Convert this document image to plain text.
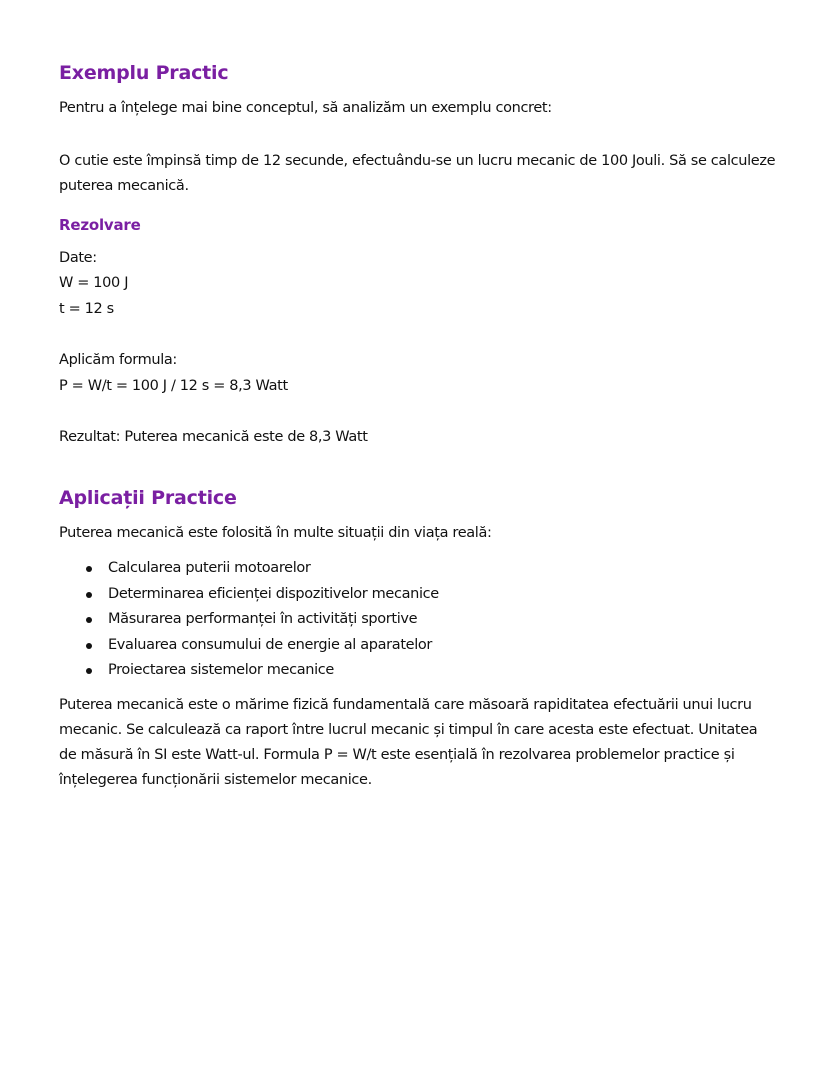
Exemplu Practic

Pentru a înțelege mai bine conceptul, să analizăm un exemplu concret:

O cutie este împinsă timp de 12 secunde, efectuându-se un lucru mecanic de 100 Jouli. Să se calculeze puterea mecanică.

Rezolvare

Date:

W = 100 J

t = 12 s

Aplicăm formula:

P = W/t = 100 J / 12 s = 8,3 Watt

Rezultat: Puterea mecanică este de 8,3 Watt

Aplicații Practice

Puterea mecanică este folosită în multe situații din viața reală:

Calcularea puterii motoarelor
Determinarea eficienței dispozitivelor mecanice
Măsurarea performanței în activități sportive
Evaluarea consumului de energie al aparatelor
Proiectarea sistemelor mecanice

Puterea mecanică este o mărime fizică fundamentală care măsoară rapiditatea efectuării unui lucru mecanic. Se calculează ca raport între lucrul mecanic și timpul în care acesta este efectuat. Unitatea de măsură în SI este Watt-ul. Formula P = W/t este esențială în rezolvarea problemelor practice și înțelegerea funcționării sistemelor mecanice.
